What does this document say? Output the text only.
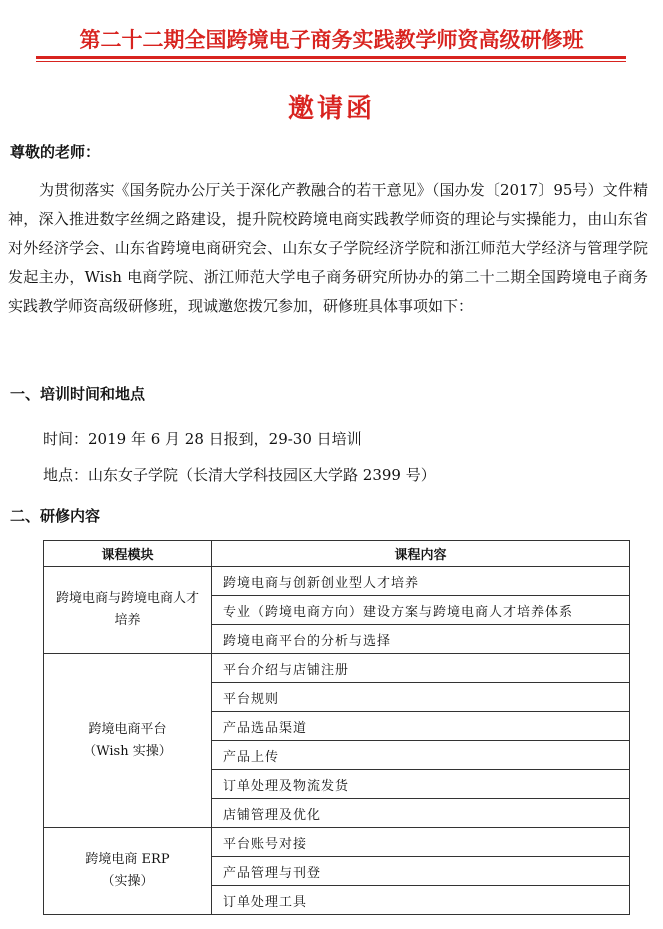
第二十二期全国跨境电子商务实践教学师资高级研修班
邀请函
尊敬的老师：
为贯彻落实《国务院办公厅关于深化产教融合的若干意见》（国办发〔2017〕95号）文件精神，深入推进数字丝绸之路建设，提升院校跨境电商实践教学师资的理论与实操能力，由山东省对外经济学会、山东省跨境电商研究会、山东女子学院经济学院和浙江师范大学经济与管理学院发起主办，Wish 电商学院、浙江师范大学电子商务研究所协办的第二十二期全国跨境电子商务实践教学师资高级研修班，现诚邀您拨冗参加，研修班具体事项如下：
一、培训时间和地点
时间：2019 年 6 月 28 日报到，29-30 日培训
地点：山东女子学院（长清大学科技园区大学路 2399 号）
二、研修内容
课程模块	课程内容

跨境电商与跨境电商人才培养	跨境电商与创新创业型人才培养
	专业（跨境电商方向）建设方案与跨境电商人才培养体系
	跨境电商平台的分析与选择

跨境电商平台
（Wish 实操）	平台介绍与店铺注册
	平台规则
	产品选品渠道
	产品上传
	订单处理及物流发货
	店铺管理及优化

跨境电商 ERP
（实操）	平台账号对接
	产品管理与刊登
	订单处理工具
